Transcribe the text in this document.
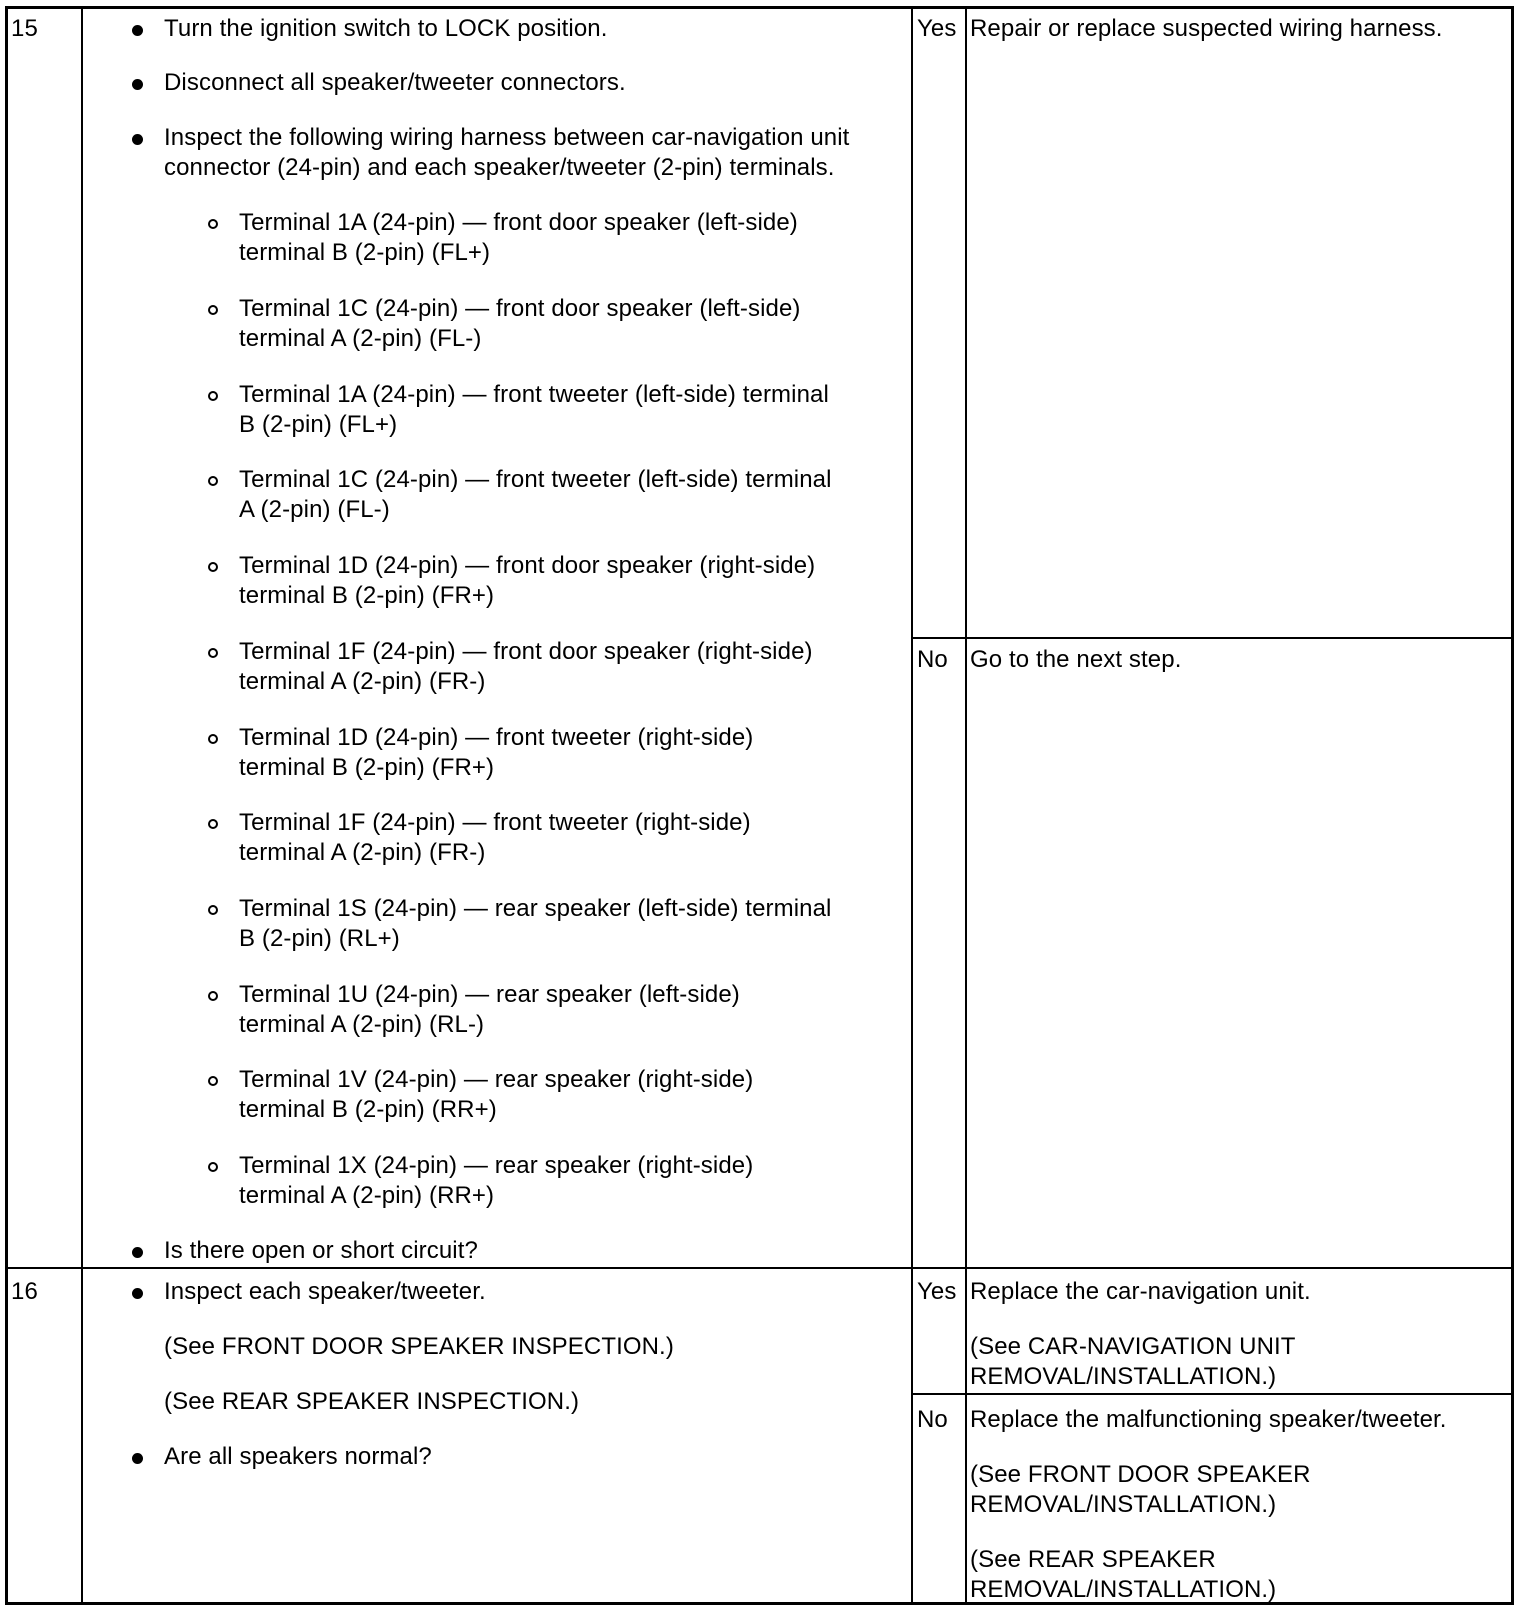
15	Turn the ignition switch to LOCK position.
Disconnect all speaker/tweeter connectors.
Inspect the following wiring harness between car-navigation unit
connector (24-pin) and each speaker/tweeter (2-pin) terminals.
Terminal 1A (24-pin) — front door speaker (left-side)
terminal B (2-pin) (FL+)
Terminal 1C (24-pin) — front door speaker (left-side)
terminal A (2-pin) (FL-)
Terminal 1A (24-pin) — front tweeter (left-side) terminal
B (2-pin) (FL+)
Terminal 1C (24-pin) — front tweeter (left-side) terminal
A (2-pin) (FL-)
Terminal 1D (24-pin) — front door speaker (right-side)
terminal B (2-pin) (FR+)
Terminal 1F (24-pin) — front door speaker (right-side)
terminal A (2-pin) (FR-)
Terminal 1D (24-pin) — front tweeter (right-side)
terminal B (2-pin) (FR+)
Terminal 1F (24-pin) — front tweeter (right-side)
terminal A (2-pin) (FR-)
Terminal 1S (24-pin) — rear speaker (left-side) terminal
B (2-pin) (RL+)
Terminal 1U (24-pin) — rear speaker (left-side)
terminal A (2-pin) (RL-)
Terminal 1V (24-pin) — rear speaker (right-side)
terminal B (2-pin) (RR+)
Terminal 1X (24-pin) — rear speaker (right-side)
terminal A (2-pin) (RR+)
Is there open or short circuit?
Yes Repair or replace suspected wiring harness.
No Go to the next step.
16	Inspect each speaker/tweeter.
(See FRONT DOOR SPEAKER INSPECTION.)
(See REAR SPEAKER INSPECTION.)
Are all speakers normal?
Yes Replace the car-navigation unit.
(See CAR-NAVIGATION UNIT
REMOVAL/INSTALLATION.)
No Replace the malfunctioning speaker/tweeter.
(See FRONT DOOR SPEAKER
REMOVAL/INSTALLATION.)
(See REAR SPEAKER
REMOVAL/INSTALLATION.)
